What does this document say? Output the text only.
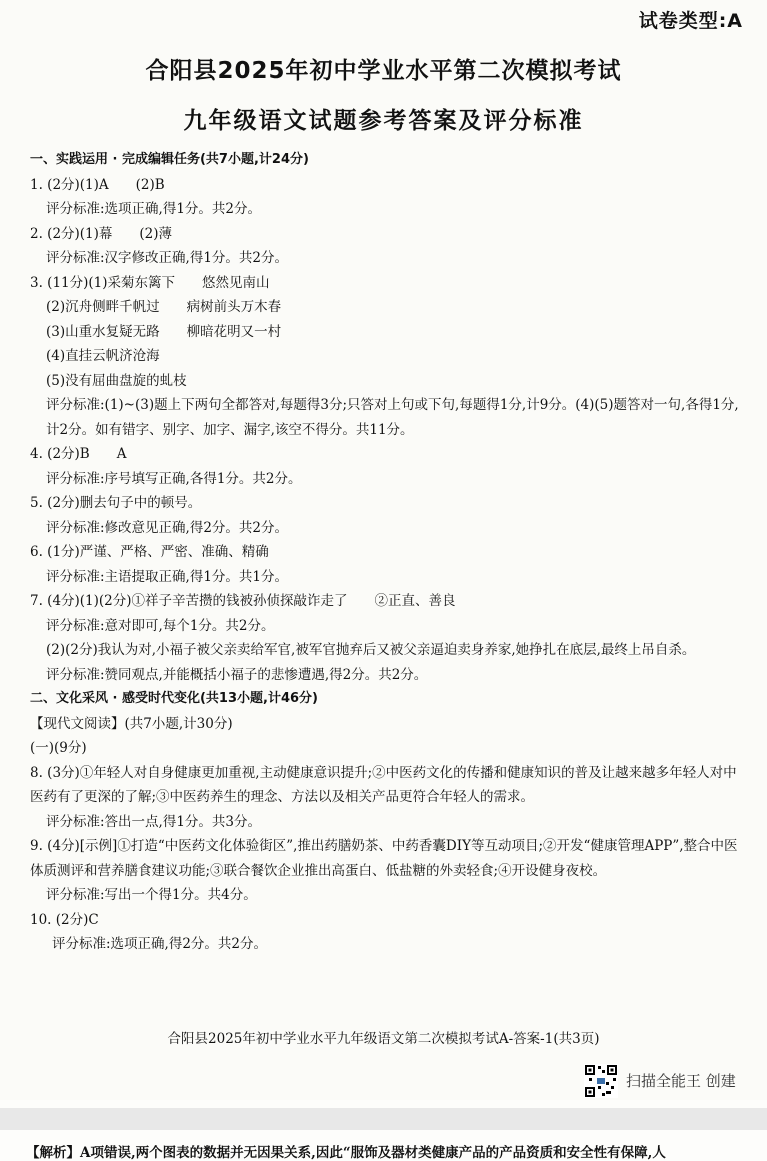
试卷类型:A
合阳县2025年初中学业水平第二次模拟考试
九年级语文试题参考答案及评分标准
一、实践运用 · 完成编辑任务(共7小题,计24分)
1. (2分)(1)A　　(2)B
评分标准:选项正确,得1分。共2分。
2. (2分)(1)幕　　(2)薄
评分标准:汉字修改正确,得1分。共2分。
3. (11分)(1)采菊东篱下　　悠然见南山
(2)沉舟侧畔千帆过　　病树前头万木春
(3)山重水复疑无路　　柳暗花明又一村
(4)直挂云帆济沧海
(5)没有屈曲盘旋的虬枝
评分标准:(1)~(3)题上下两句全都答对,每题得3分;只答对上句或下句,每题得1分,计9分。(4)(5)题答对一句,各得1分,计2分。如有错字、别字、加字、漏字,该空不得分。共11分。
4. (2分)B　　A
评分标准:序号填写正确,各得1分。共2分。
5. (2分)删去句子中的顿号。
评分标准:修改意见正确,得2分。共2分。
6. (1分)严谨、严格、严密、准确、精确
评分标准:主语提取正确,得1分。共1分。
7. (4分)(1)(2分)①祥子辛苦攒的钱被孙侦探敲诈走了　　②正直、善良
评分标准:意对即可,每个1分。共2分。
(2)(2分)我认为对,小福子被父亲卖给军官,被军官抛弃后又被父亲逼迫卖身养家,她挣扎在底层,最终上吊自杀。
评分标准:赞同观点,并能概括小福子的悲惨遭遇,得2分。共2分。
二、文化采风 · 感受时代变化(共13小题,计46分)
【现代文阅读】(共7小题,计30分)
(一)(9分)
8. (3分)①年轻人对自身健康更加重视,主动健康意识提升;②中医药文化的传播和健康知识的普及让越来越多年轻人对中医药有了更深的了解;③中医药养生的理念、方法以及相关产品更符合年轻人的需求。
评分标准:答出一点,得1分。共3分。
9. (4分)[示例]①打造“中医药文化体验街区”,推出药膳奶茶、中药香囊DIY等互动项目;②开发“健康管理APP”,整合中医体质测评和营养膳食建议功能;③联合餐饮企业推出高蛋白、低盐糖的外卖轻食;④开设健身夜校。
评分标准:写出一个得1分。共4分。
10. (2分)C
评分标准:选项正确,得2分。共2分。
合阳县2025年初中学业水平九年级语文第二次模拟考试A-答案-1(共3页)
扫描全能王 创建
【解析】A项错误,两个图表的数据并无因果关系,因此“服饰及器材类健康产品的产品资质和安全性有保障,人
